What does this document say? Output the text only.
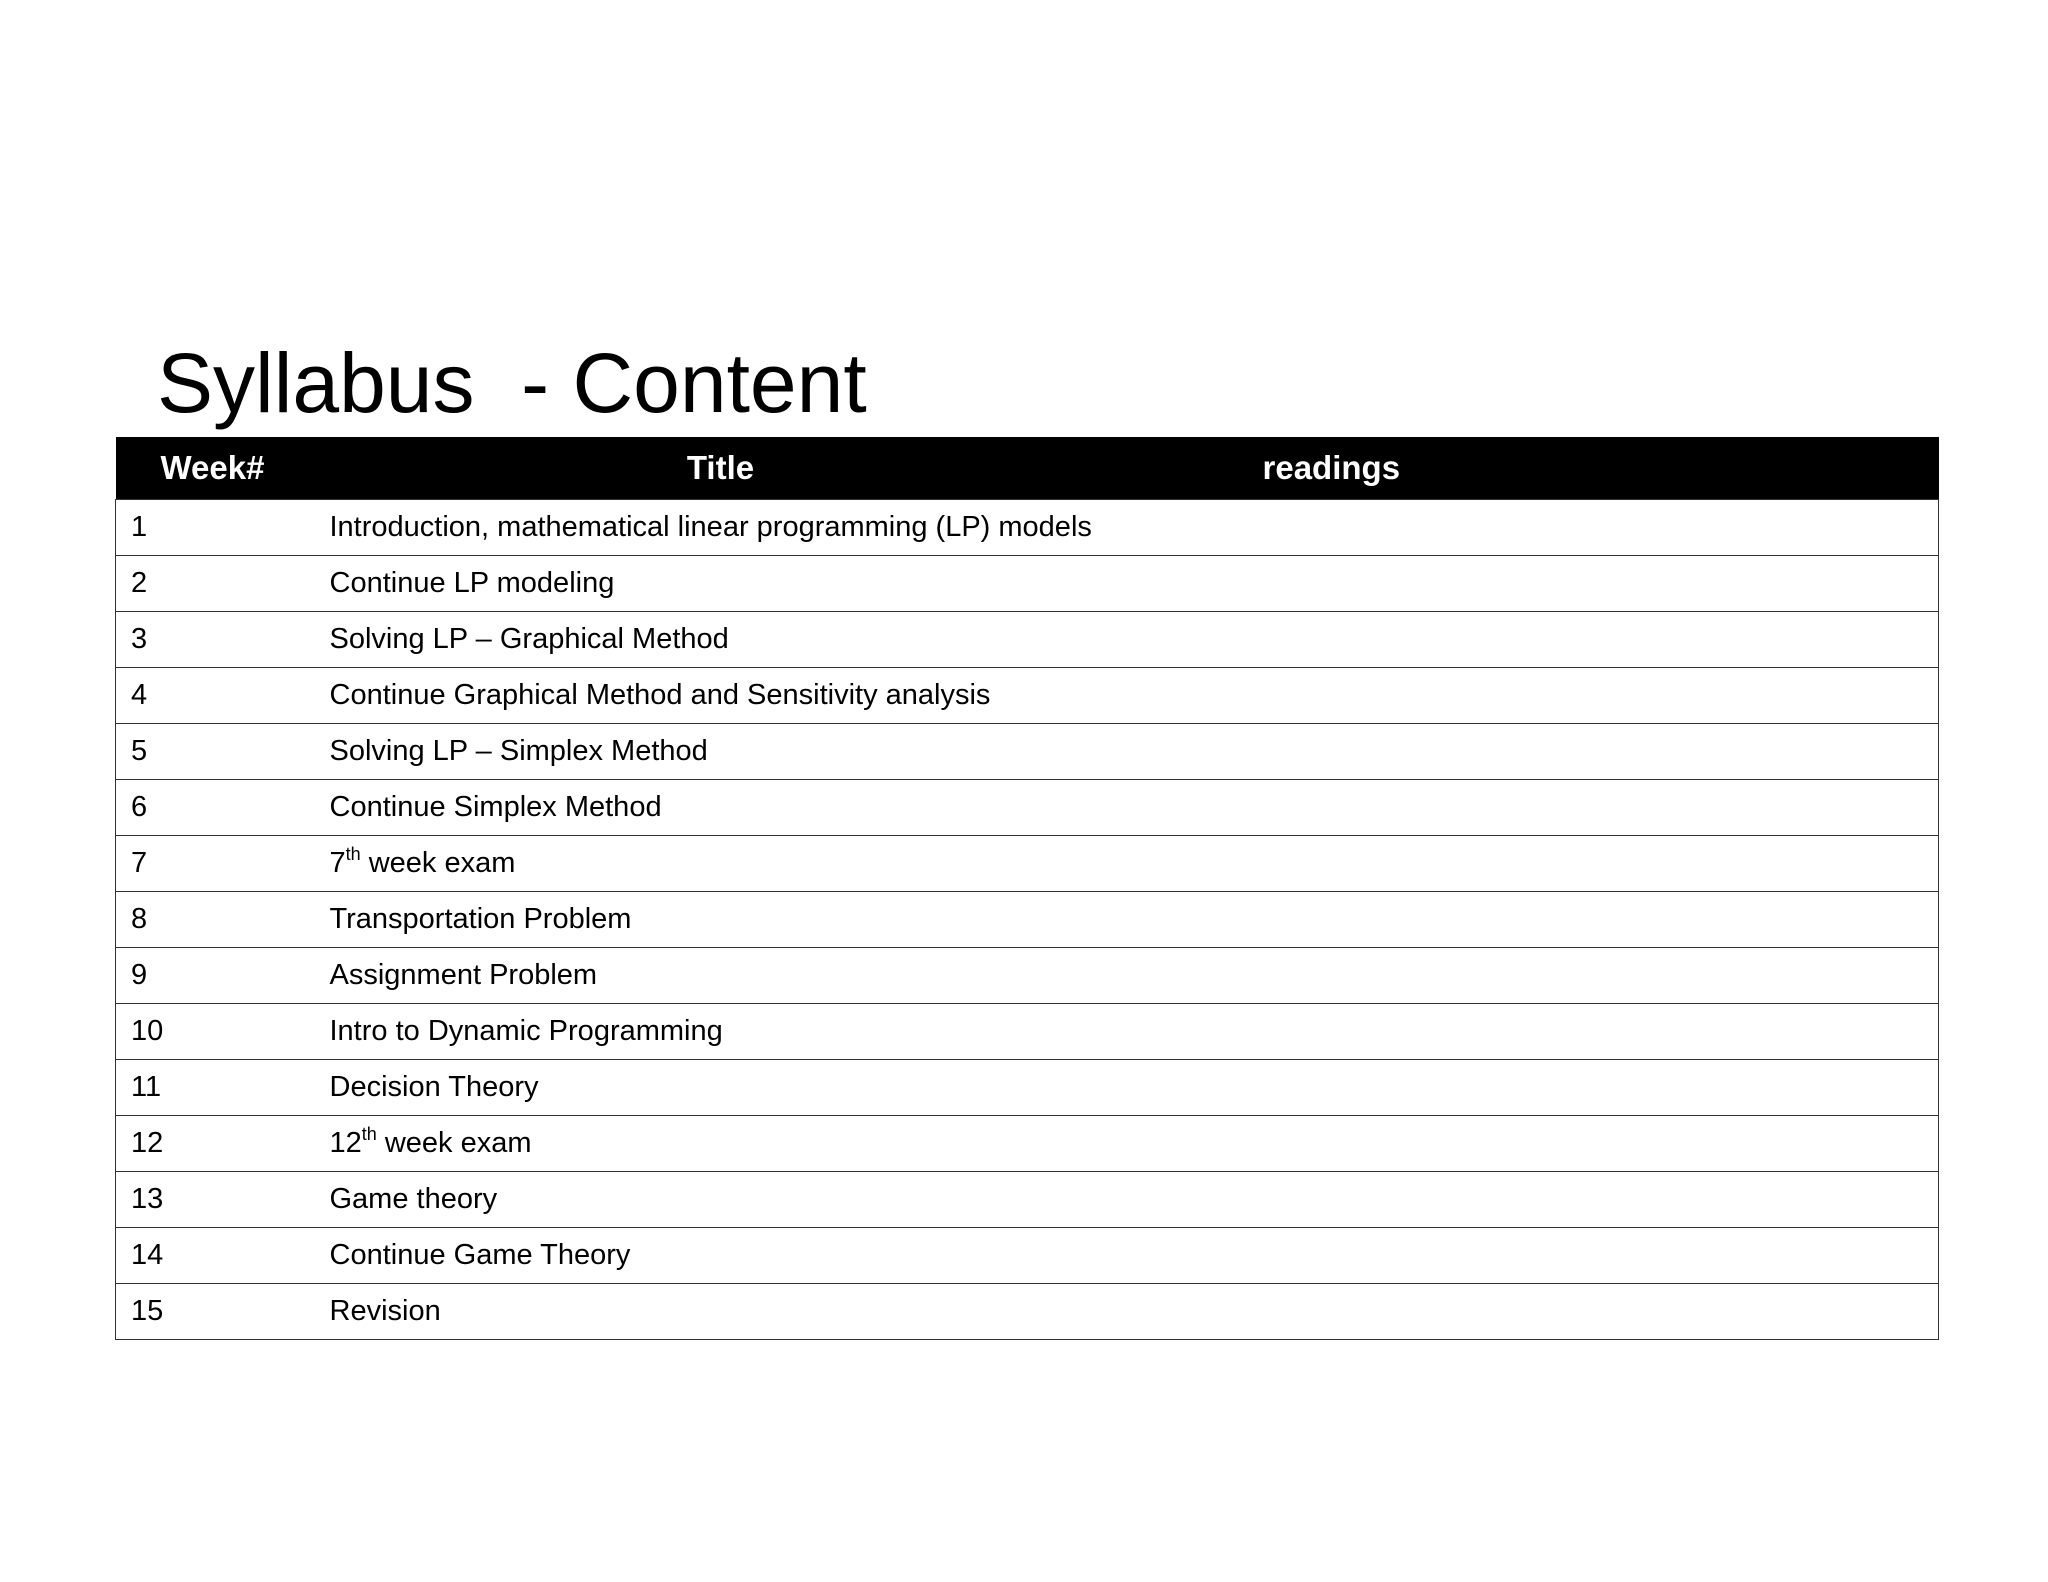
Syllabus  - Content
Week#	Title	readings
1	Introduction, mathematical linear programming (LP) models	
2	Continue LP modeling	
3	Solving LP – Graphical Method	
4	Continue Graphical Method and Sensitivity analysis	
5	Solving LP – Simplex Method	
6	Continue Simplex Method	
7	7th week exam	
8	Transportation Problem	
9	Assignment Problem	
10	Intro to Dynamic Programming	
11	Decision Theory	
12	12th week exam	
13	Game theory	
14	Continue Game Theory	
15	Revision	
